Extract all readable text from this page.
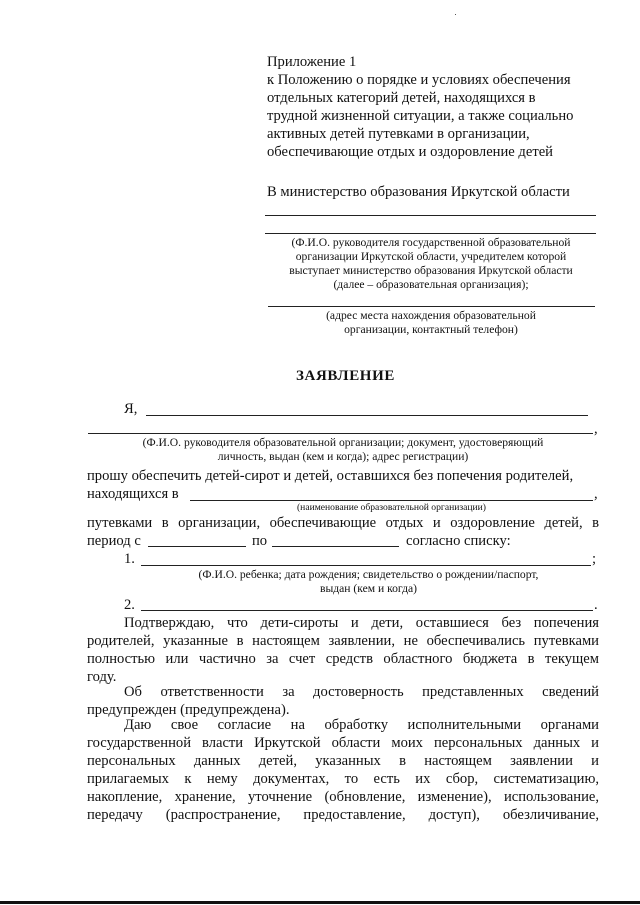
Приложение 1
к Положению о порядке и условиях обеспечения
отдельных категорий детей, находящихся в
трудной жизненной ситуации, а также социально
активных детей путевками в организации,
обеспечивающие отдых и оздоровление детей
В министерство образования Иркутской области
(Ф.И.О. руководителя государственной образовательной
организации Иркутской области, учредителем которой
выступает министерство образования Иркутской области
(далее – образовательная организация);
(адрес места нахождения образовательной
организации, контактный телефон)
ЗАЯВЛЕНИЕ
Я,
,
(Ф.И.О. руководителя образовательной организации; документ, удостоверяющий
личность, выдан (кем и когда); адрес регистрации)
прошу обеспечить детей-сирот и детей, оставшихся без попечения родителей,
находящихся в	,
(наименование образовательной организации)
путевками в организации, обеспечивающие отдых и оздоровление детей, в
период с	по	согласно списку:
1.	;
(Ф.И.О. ребенка; дата рождения; свидетельство о рождении/паспорт,
выдан (кем и когда)
2.	.
Подтверждаю, что дети-сироты и дети, оставшиеся без попечения
родителей, указанные в настоящем заявлении, не обеспечивались путевками
полностью или частично за счет средств областного бюджета в текущем
году.
Об ответственности за достоверность представленных сведений
предупрежден (предупреждена).
Даю свое согласие на обработку исполнительными органами
государственной власти Иркутской области моих персональных данных и
персональных данных детей, указанных в настоящем заявлении и
прилагаемых к нему документах, то есть их сбор, систематизацию,
накопление, хранение, уточнение (обновление, изменение), использование,
передачу (распространение, предоставление, доступ), обезличивание,
